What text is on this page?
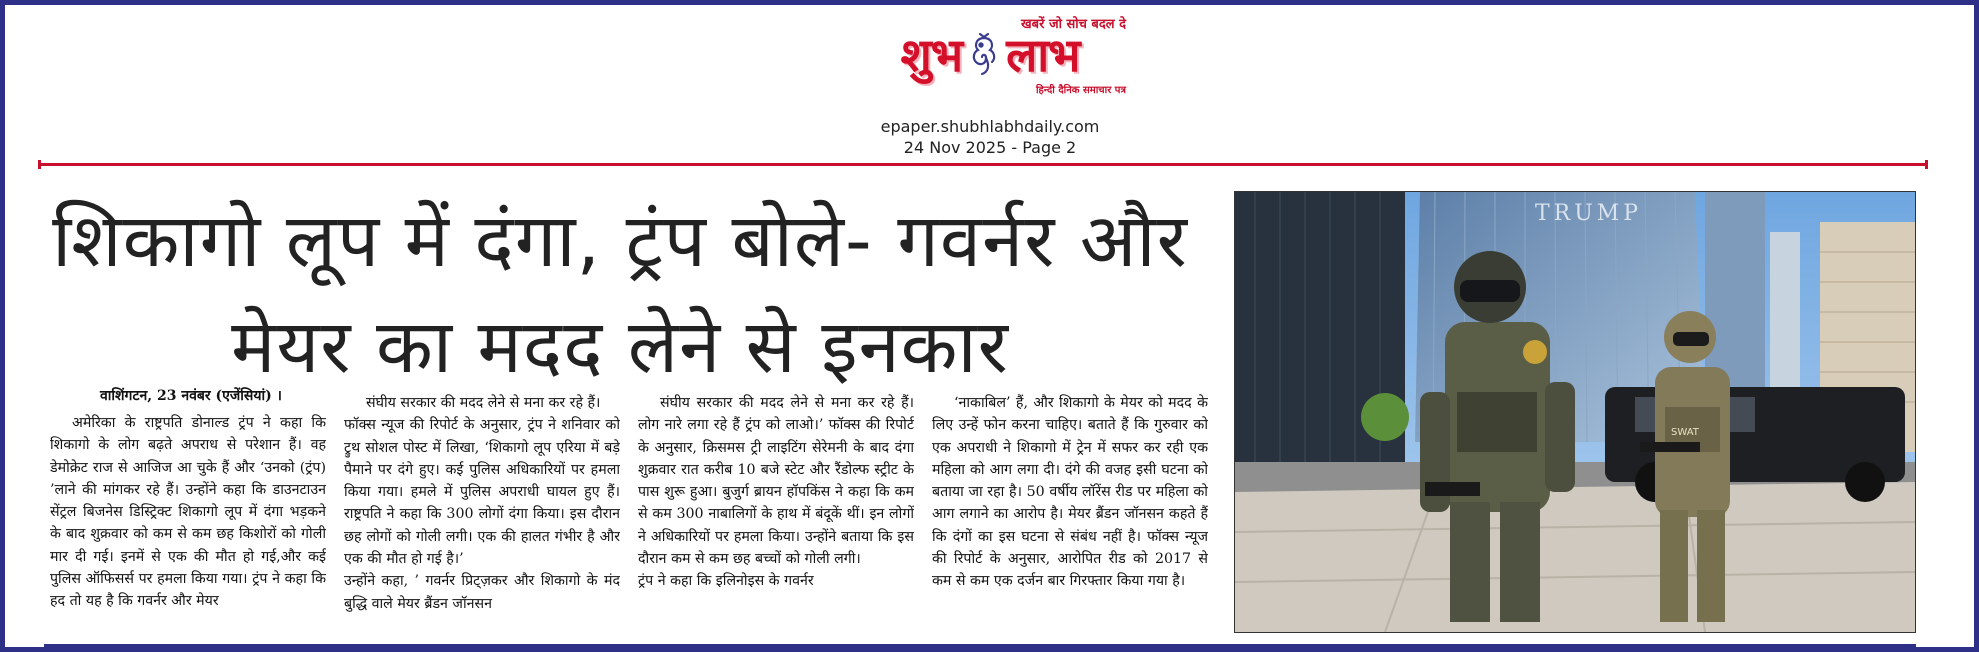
खबरें जो सोच बदल दे
शुभ लाभ
हिन्दी दैनिक समाचार पत्र
epaper.shubhlabhdaily.com
24 Nov 2025 - Page 2
शिकागो लूप में दंगा, ट्रंप बोले- गवर्नर और मेयर का मदद लेने से इनकार
वाशिंगटन, 23 नवंबर (एजेंसियां) ।

अमेरिका के राष्ट्रपति डोनाल्ड ट्रंप ने कहा कि शिकागो के लोग बढ़ते अपराध से परेशान हैं। वह डेमोक्रेट राज से आजिज आ चुके हैं और ‘उनको (ट्रंप) ’लाने की मांगकर रहे हैं। उन्होंने कहा कि डाउनटाउन सेंट्रल बिजनेस डिस्ट्रिक्ट शिकागो लूप में दंगा भड़कने के बाद शुक्रवार को कम से कम छह किशोरों को गोली मार दी गई। इनमें से एक की मौत हो गई,और कई पुलिस ऑफिसर्स पर हमला किया गया। ट्रंप ने कहा कि हद तो यह है कि गवर्नर और मेयर

संघीय सरकार की मदद लेने से मना कर रहे हैं।
फॉक्स न्यूज की रिपोर्ट के अनुसार, ट्रंप ने शनिवार को ट्रुथ सोशल पोस्ट में लिखा, ‘शिकागो लूप एरिया में बड़े पैमाने पर दंगे हुए। कई पुलिस अधिकारियों पर हमला किया गया। हमले में पुलिस अपराधी घायल हुए हैं। राष्ट्रपति ने कहा कि 300 लोगों दंगा किया। इस दौरान छह लोगों को गोली लगी। एक की हालत गंभीर है और एक की मौत हो गई है।’
उन्होंने कहा, ’ गवर्नर प्रिट्ज़कर और शिकागो के मंद बुद्धि वाले मेयर ब्रैंडन जॉनसन

संघीय सरकार की मदद लेने से मना कर रहे हैं। लोग नारे लगा रहे हैं ट्रंप को लाओ।’ फॉक्स की रिपोर्ट के अनुसार, क्रिसमस ट्री लाइटिंग सेरेमनी के बाद दंगा शुक्रवार रात करीब 10 बजे स्टेट और रैंडोल्फ स्ट्रीट के पास शुरू हुआ। बुजुर्ग ब्रायन हॉपकिंस ने कहा कि कम से कम 300 नाबालिगों के हाथ में बंदूकें थीं। इन लोगों ने अधिकारियों पर हमला किया। उन्होंने बताया कि इस दौरान कम से कम छह बच्चों को गोली लगी।
ट्रंप ने कहा कि इलिनोइस के गवर्नर

‘नाकाबिल’ हैं, और शिकागो के मेयर को मदद के लिए उन्हें फोन करना चाहिए। बताते हैं कि गुरुवार को एक अपराधी ने शिकागो में ट्रेन में सफर कर रही एक महिला को आग लगा दी। दंगे की वजह इसी घटना को बताया जा रहा है। 50 वर्षीय लॉरेंस रीड पर महिला को आग लगाने का आरोप है। मेयर ब्रैंडन जॉनसन कहते हैं कि दंगों का इस घटना से संबंध नहीं है। फॉक्स न्यूज की रिपोर्ट के अनुसार, आरोपित रीड को 2017 से कम से कम एक दर्जन बार गिरफ्तार किया गया है।

TRUMP
SWAT
